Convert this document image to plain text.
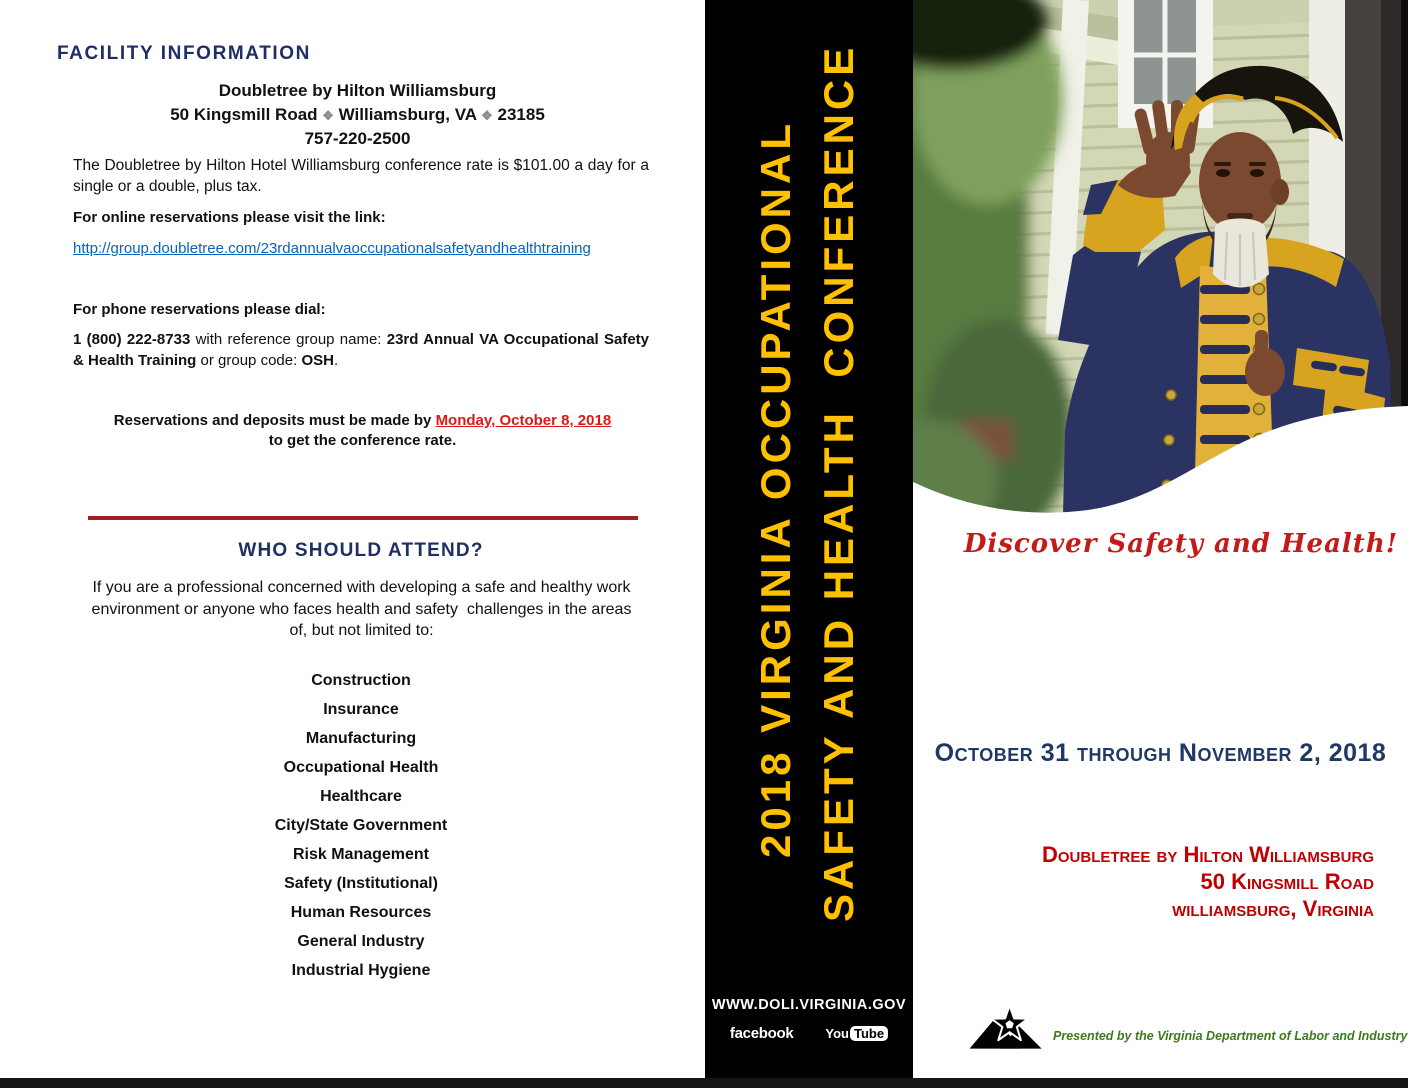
FACILITY INFORMATION
Doubletree by Hilton Williamsburg
50 Kingsmill Road ❖ Williamsburg, VA ❖ 23185
757-220-2500

The Doubletree by Hilton Hotel Williamsburg conference rate is $101.00 a day for a single or a double, plus tax.

For online reservations please visit the link:

http://group.doubletree.com/23rdannualvaoccupationalsafetyandhealthtraining

For phone reservations please dial:

1 (800) 222-8733 with reference group name: 23rd Annual VA Occupational Safety & Health Training or group code: OSH.

Reservations and deposits must be made by Monday, October 8, 2018
to get the conference rate.

WHO SHOULD ATTEND?

If you are a professional concerned with developing a safe and healthy work environment or anyone who faces health and safety  challenges in the areas of, but not limited to:

Construction
Insurance
Manufacturing
Occupational Health
Healthcare
City/State Government
Risk Management
Safety (Institutional)
Human Resources
General Industry
Industrial Hygiene
2018 VIRGINIA OCCUPATIONAL SAFETY AND HEALTH  CONFERENCE
WWW.DOLI.VIRGINIA.GOV
facebook You Tube
Discover Safety and Health!
October 31 through November 2, 2018
Doubletree by Hilton Williamsburg
50 Kingsmill Road
williamsburg, Virginia
Presented by the Virginia Department of Labor and Industry
